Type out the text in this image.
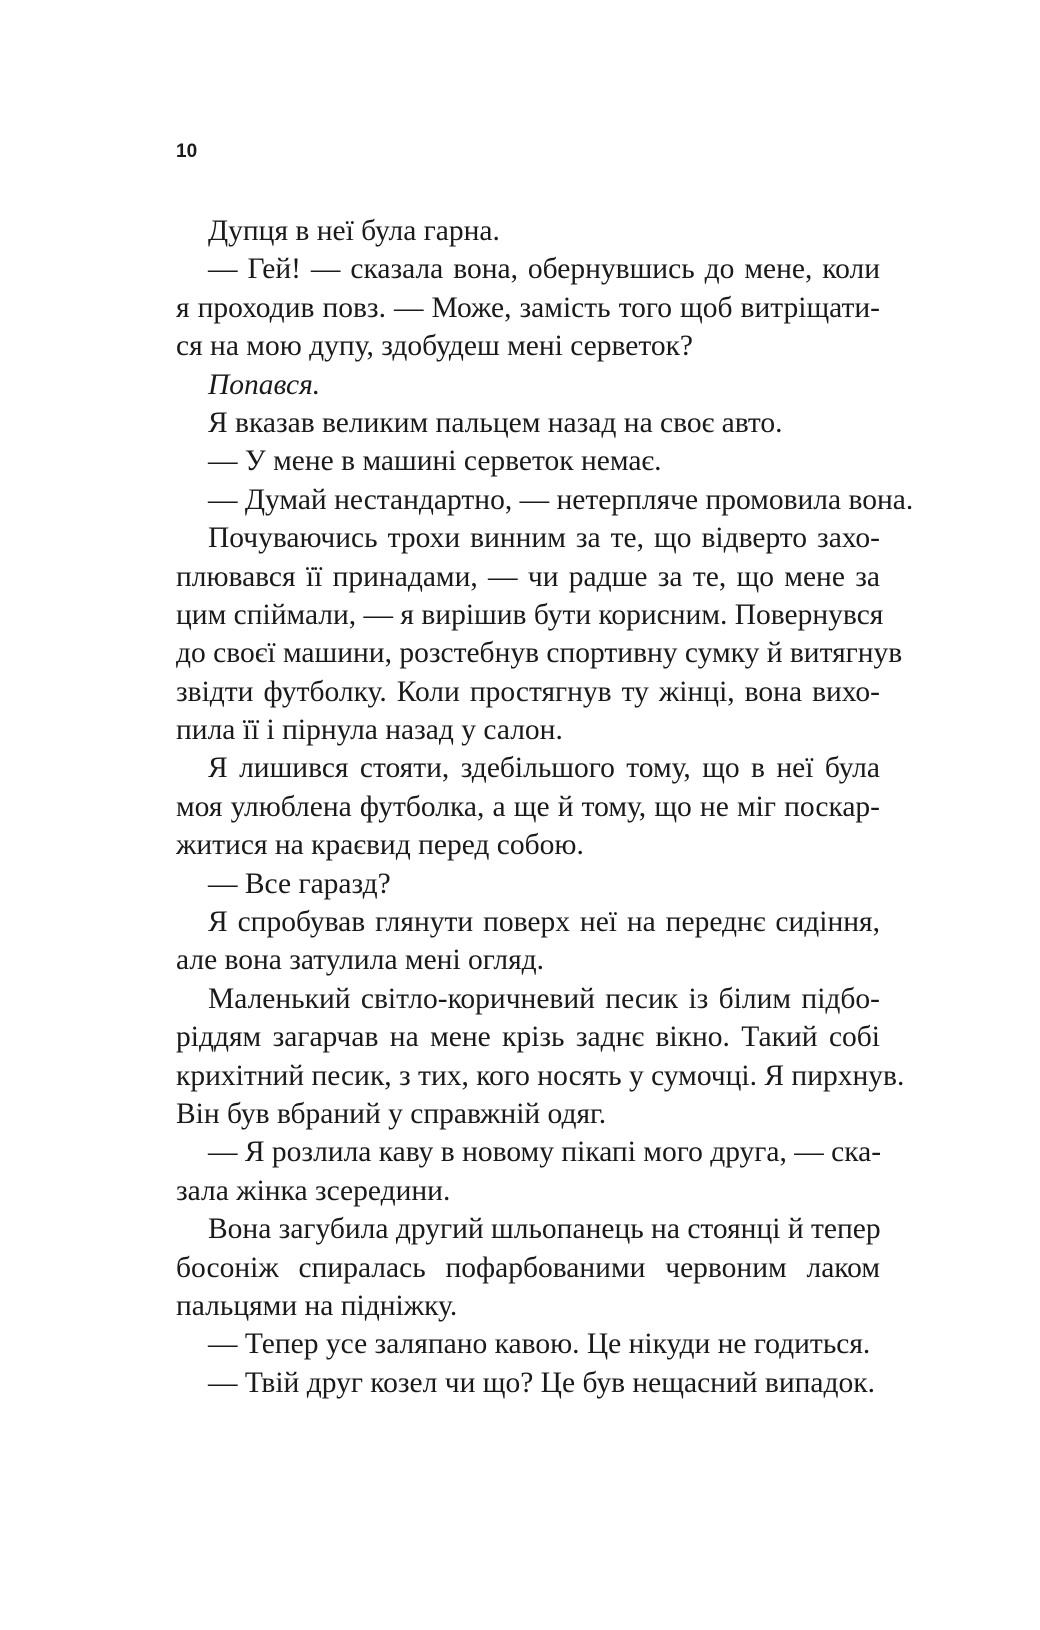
10
Дупця в неї була гарна.
— Гей! — сказала вона, обернувшись до мене, коли
я проходив повз. — Може, замість того щоб витріщати-
ся на мою дупу, здобудеш мені серветок?
Попався.
Я вказав великим пальцем назад на своє авто.
— У мене в машині серветок немає.
— Думай нестандартно, — нетерпляче промовила вона.
Почуваючись трохи винним за те, що відверто захо-
плювався її принадами, — чи радше за те, що мене за
цим спіймали, — я вирішив бути корисним. Повернувся
до своєї машини, розстебнув спортивну сумку й витягнув
звідти футболку. Коли простягнув ту жінці, вона вихо-
пила її і пірнула назад у салон.
Я лишився стояти, здебільшого тому, що в неї була
моя улюблена футболка, а ще й тому, що не міг поскар-
житися на краєвид перед собою.
— Все гаразд?
Я спробував глянути поверх неї на переднє сидіння,
але вона затулила мені огляд.
Маленький світло-коричневий песик із білим підбо-
ріддям загарчав на мене крізь заднє вікно. Такий собі
крихітний песик, з тих, кого носять у сумочці. Я пирхнув.
Він був вбраний у справжній одяг.
— Я розлила каву в новому пікапі мого друга, — ска-
зала жінка зсередини.
Вона загубила другий шльопанець на стоянці й тепер
босоніж спиралась пофарбованими червоним лаком
пальцями на підніжку.
— Тепер усе заляпано кавою. Це нікуди не годиться.
— Твій друг козел чи що? Це був нещасний випадок.
